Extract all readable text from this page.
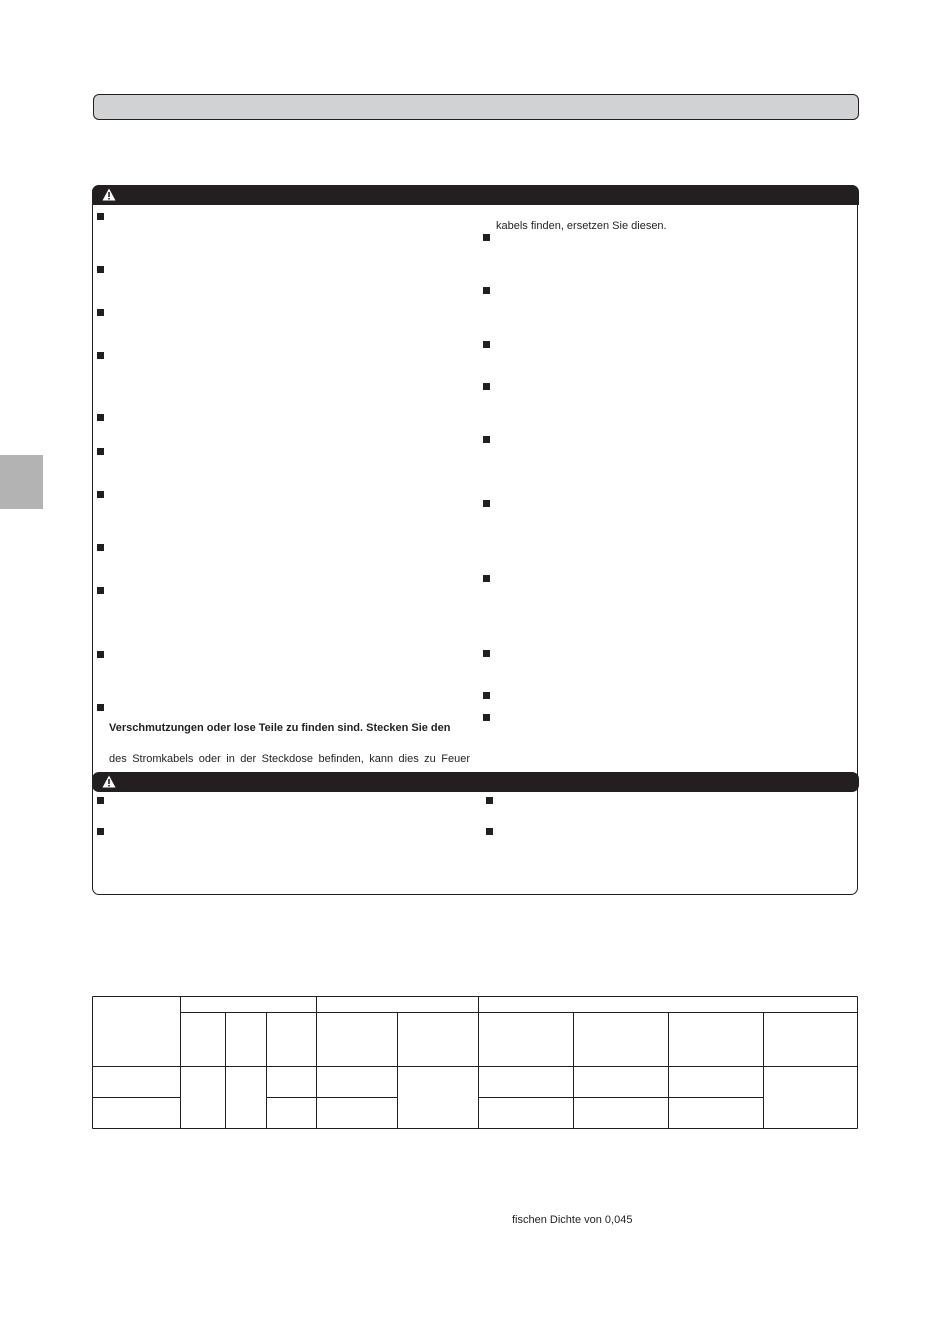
Verschmutzungen oder lose Teile zu finden sind. Stecken Sie den
des Stromkabels oder in der Steckdose befinden, kann dies zu Feuer
kabels finden, ersetzen Sie diesen.
fischen Dichte von 0,045
